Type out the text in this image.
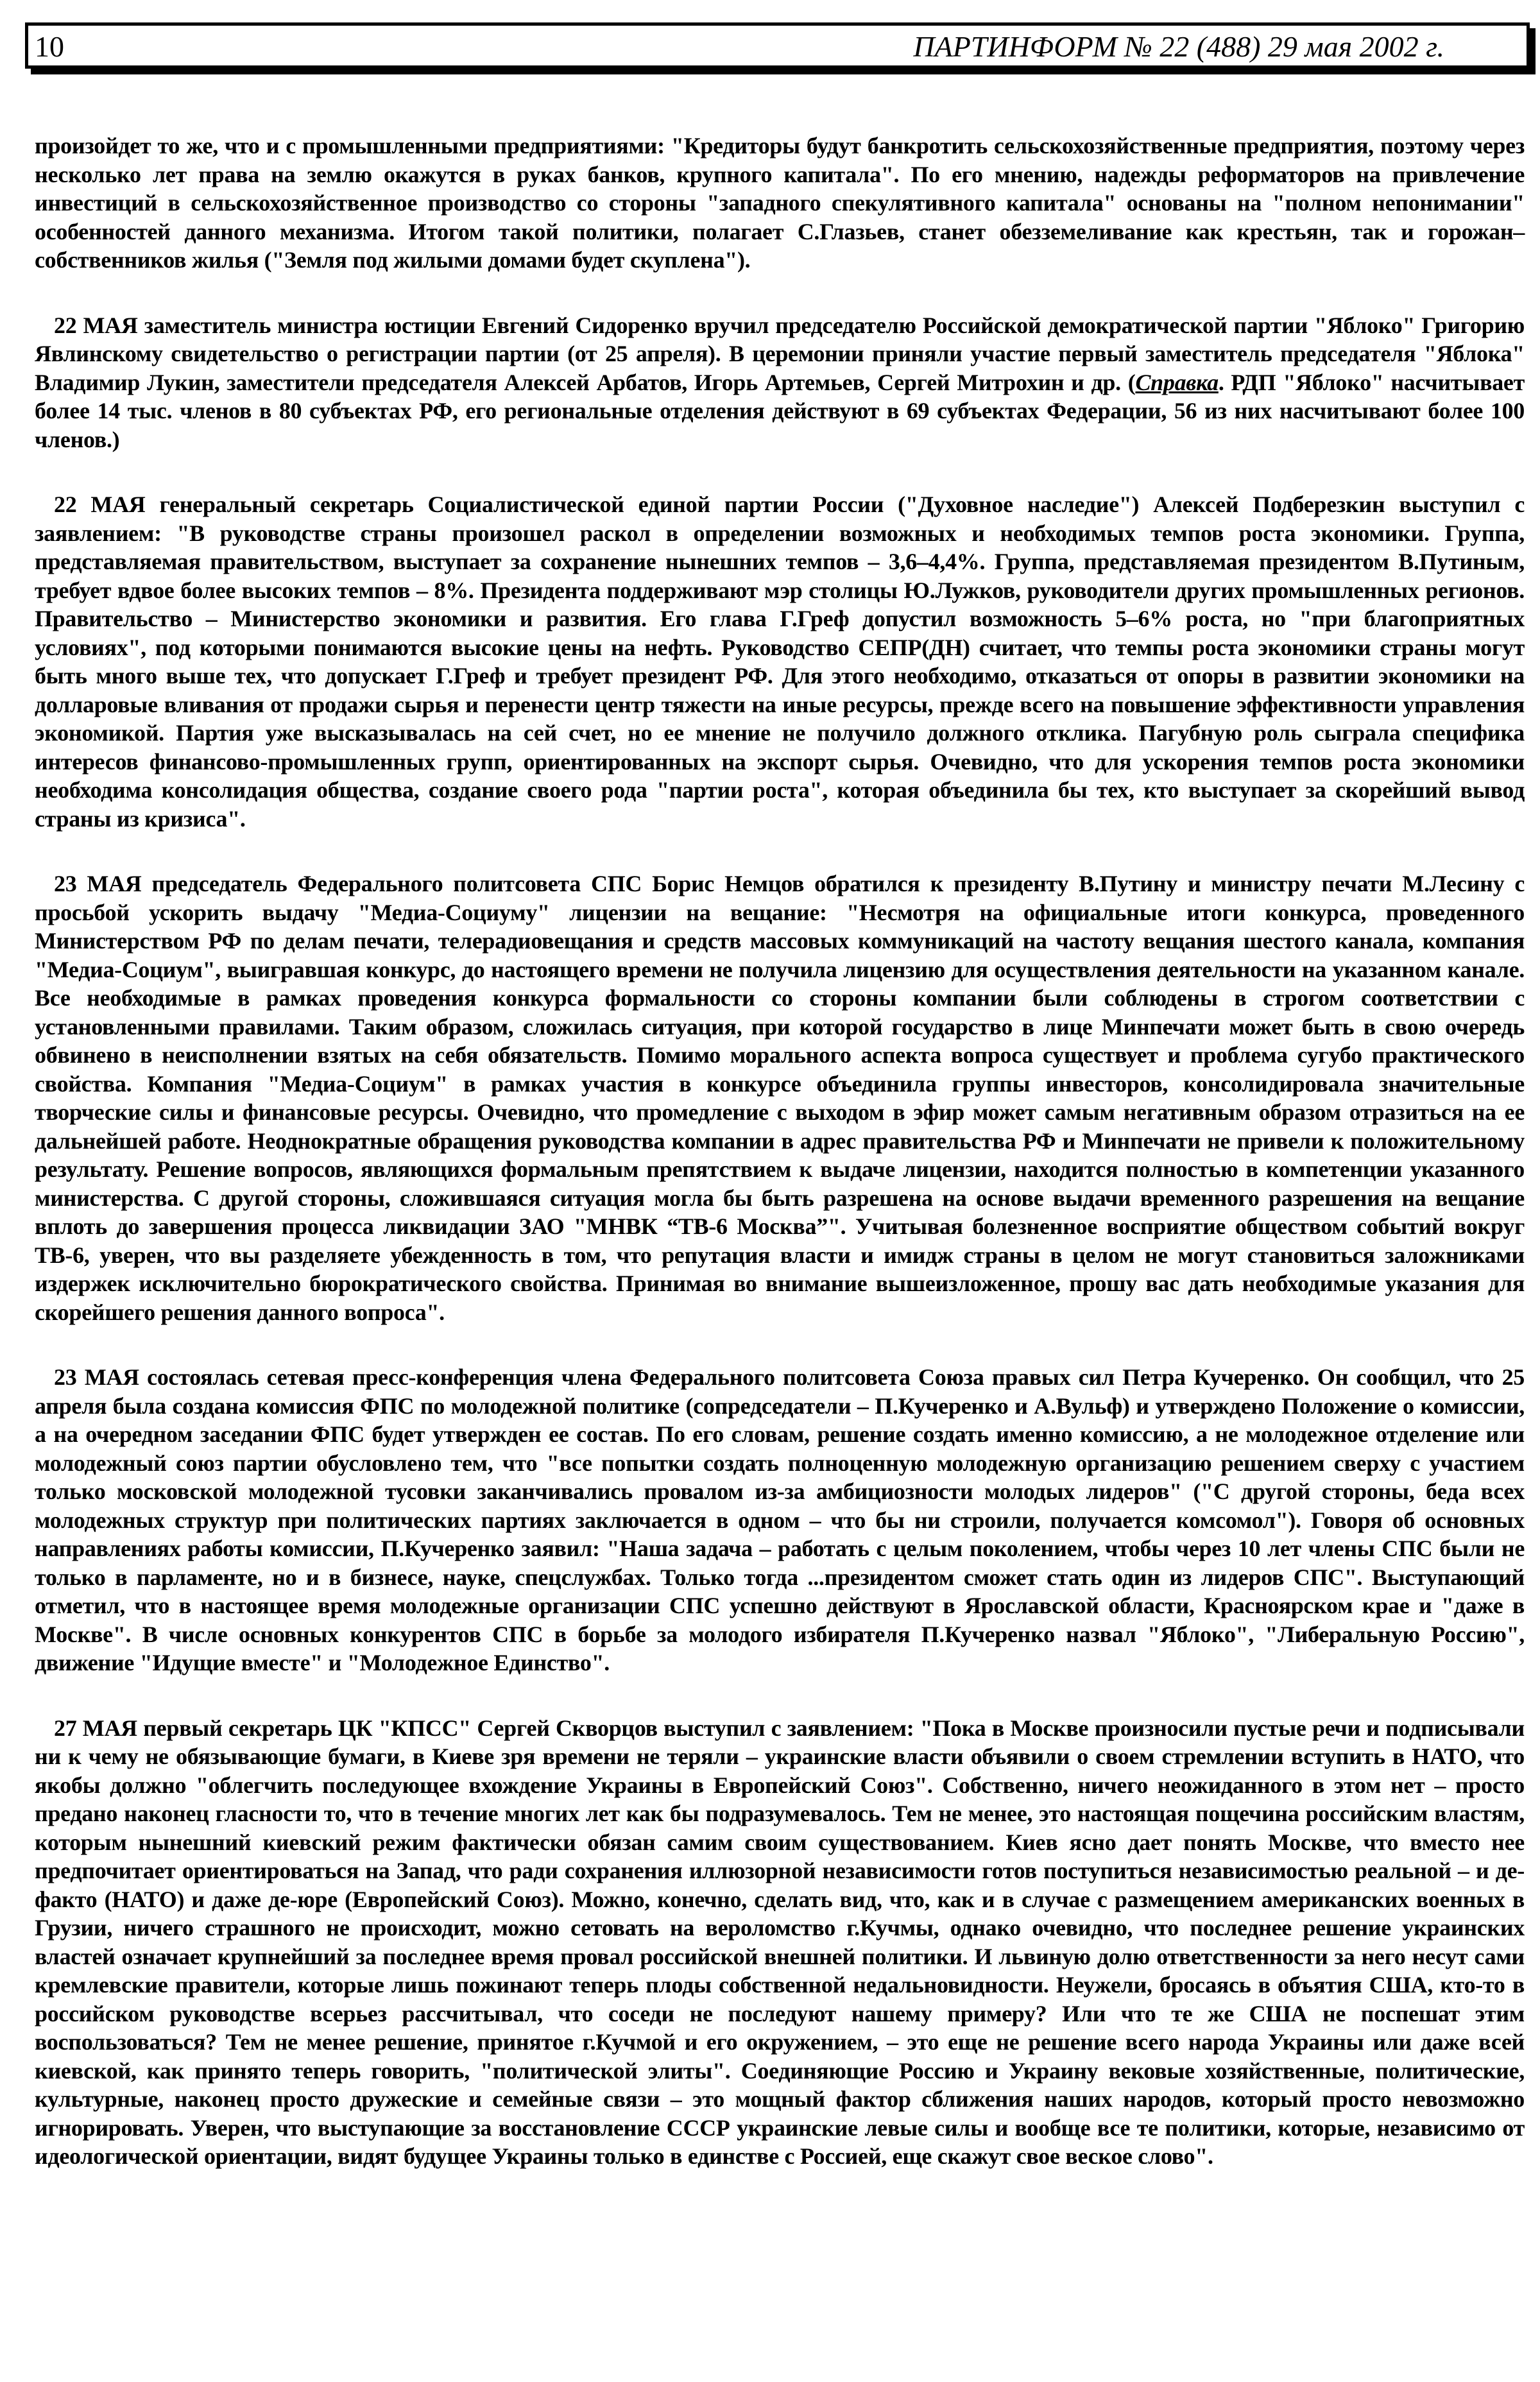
10	ПАРТИНФОРМ № 22 (488) 29 мая 2002 г.

произойдет то же, что и с промышленными предприятиями: "Кредиторы будут банкротить сельскохозяйственные предприятия, поэтому через несколько лет права на землю окажутся в руках банков, крупного капитала". По его мнению, надежды реформаторов на привлечение инвестиций в сельскохозяйственное производство со стороны "западного спекулятивного капитала" основаны на "полном непонимании" особенностей данного механизма. Итогом такой политики, полагает С.Глазьев, станет обезземеливание как крестьян, так и горожан–собственников жилья ("Земля под жилыми домами будет скуплена").

22 МАЯ заместитель министра юстиции Евгений Сидоренко вручил председателю Российской демократической партии "Яблоко" Григорию Явлинскому свидетельство о регистрации партии (от 25 апреля). В церемонии приняли участие первый заместитель председателя "Яблока" Владимир Лукин, заместители председателя Алексей Арбатов, Игорь Артемьев, Сергей Митрохин и др. (Справка. РДП "Яблоко" насчитывает более 14 тыс. членов в 80 субъектах РФ, его региональные отделения действуют в 69 субъектах Федерации, 56 из них насчитывают более 100 членов.)

22 МАЯ генеральный секретарь Социалистической единой партии России ("Духовное наследие") Алексей Подберезкин выступил с заявлением: "В руководстве страны произошел раскол в определении возможных и необходимых темпов роста экономики. Группа, представляемая правительством, выступает за сохранение нынешних темпов – 3,6–4,4%. Группа, представляемая президентом В.Путиным, требует вдвое более высоких темпов – 8%. Президента поддерживают мэр столицы Ю.Лужков, руководители других промышленных регионов. Правительство – Министерство экономики и развития. Его глава Г.Греф допустил возможность 5–6% роста, но "при благоприятных условиях", под которыми понимаются высокие цены на нефть. Руководство СЕПР(ДН) считает, что темпы роста экономики страны могут быть много выше тех, что допускает Г.Греф и требует президент РФ. Для этого необходимо, отказаться от опоры в развитии экономики на долларовые вливания от продажи сырья и перенести центр тяжести на иные ресурсы, прежде всего на повышение эффективности управления экономикой. Партия уже высказывалась на сей счет, но ее мнение не получило должного отклика. Пагубную роль сыграла специфика интересов финансово-промышленных групп, ориентированных на экспорт сырья. Очевидно, что для ускорения темпов роста экономики необходима консолидация общества, создание своего рода "партии роста", которая объединила бы тех, кто выступает за скорейший вывод страны из кризиса".

23 МАЯ председатель Федерального политсовета СПС Борис Немцов обратился к президенту В.Путину и министру печати М.Лесину с просьбой ускорить выдачу "Медиа-Социуму" лицензии на вещание: "Несмотря на официальные итоги конкурса, проведенного Министерством РФ по делам печати, телерадиовещания и средств массовых коммуникаций на частоту вещания шестого канала, компания "Медиа-Социум", выигравшая конкурс, до настоящего времени не получила лицензию для осуществления деятельности на указанном канале. Все необходимые в рамках проведения конкурса формальности со стороны компании были соблюдены в строгом соответствии с установленными правилами. Таким образом, сложилась ситуация, при которой государство в лице Минпечати может быть в свою очередь обвинено в неисполнении взятых на себя обязательств. Помимо морального аспекта вопроса существует и проблема сугубо практического свойства. Компания "Медиа-Социум" в рамках участия в конкурсе объединила группы инвесторов, консолидировала значительные творческие силы и финансовые ресурсы. Очевидно, что промедление с выходом в эфир может самым негативным образом отразиться на ее дальнейшей работе. Неоднократные обращения руководства компании в адрес правительства РФ и Минпечати не привели к положительному результату. Решение вопросов, являющихся формальным препятствием к выдаче лицензии, находится полностью в компетенции указанного министерства. С другой стороны, сложившаяся ситуация могла бы быть разрешена на основе выдачи временного разрешения на вещание вплоть до завершения процесса ликвидации ЗАО "МНВК “ТВ-6 Москва”". Учитывая болезненное восприятие обществом событий вокруг ТВ-6, уверен, что вы разделяете убежденность в том, что репутация власти и имидж страны в целом не могут становиться заложниками издержек исключительно бюрократического свойства. Принимая во внимание вышеизложенное, прошу вас дать необходимые указания для скорейшего решения данного вопроса".

23 МАЯ состоялась сетевая пресс-конференция члена Федерального политсовета Союза правых сил Петра Кучеренко. Он сообщил, что 25 апреля была создана комиссия ФПС по молодежной политике (сопредседатели – П.Кучеренко и А.Вульф) и утверждено Положение о комиссии, а на очередном заседании ФПС будет утвержден ее состав. По его словам, решение создать именно комиссию, а не молодежное отделение или молодежный союз партии обусловлено тем, что "все попытки создать полноценную молодежную организацию решением сверху с участием только московской молодежной тусовки заканчивались провалом из-за амбициозности молодых лидеров" ("С другой стороны, беда всех молодежных структур при политических партиях заключается в одном – что бы ни строили, получается комсомол"). Говоря об основных направлениях работы комиссии, П.Кучеренко заявил: "Наша задача – работать с целым поколением, чтобы через 10 лет члены СПС были не только в парламенте, но и в бизнесе, науке, спецслужбах. Только тогда ...президентом сможет стать один из лидеров СПС". Выступающий отметил, что в настоящее время молодежные организации СПС успешно действуют в Ярославской области, Красноярском крае и "даже в Москве". В числе основных конкурентов СПС в борьбе за молодого избирателя П.Кучеренко назвал "Яблоко", "Либеральную Россию", движение "Идущие вместе" и "Молодежное Единство".

27 МАЯ первый секретарь ЦК "КПСС" Сергей Скворцов выступил с заявлением: "Пока в Москве произносили пустые речи и подписывали ни к чему не обязывающие бумаги, в Киеве зря времени не теряли – украинские власти объявили о своем стремлении вступить в НАТО, что якобы должно "облегчить последующее вхождение Украины в Европейский Союз". Собственно, ничего неожиданного в этом нет – просто предано наконец гласности то, что в течение многих лет как бы подразумевалось. Тем не менее, это настоящая пощечина российским властям, которым нынешний киевский режим фактически обязан самим своим существованием. Киев ясно дает понять Москве, что вместо нее предпочитает ориентироваться на Запад, что ради сохранения иллюзорной независимости готов поступиться независимостью реальной – и де-факто (НАТО) и даже де-юре (Европейский Союз). Можно, конечно, сделать вид, что, как и в случае с размещением американских военных в Грузии, ничего страшного не происходит, можно сетовать на вероломство г.Кучмы, однако очевидно, что последнее решение украинских властей означает крупнейший за последнее время провал российской внешней политики. И львиную долю ответственности за него несут сами кремлевские правители, которые лишь пожинают теперь плоды собственной недальновидности. Неужели, бросаясь в объятия США, кто-то в российском руководстве всерьез рассчитывал, что соседи не последуют нашему примеру? Или что те же США не поспешат этим воспользоваться? Тем не менее решение, принятое г.Кучмой и его окружением, – это еще не решение всего народа Украины или даже всей киевской, как принято теперь говорить, "политической элиты". Соединяющие Россию и Украину вековые хозяйственные, политические, культурные, наконец просто дружеские и семейные связи – это мощный фактор сближения наших народов, который просто невозможно игнорировать. Уверен, что выступающие за восстановление СССР украинские левые силы и вообще все те политики, которые, независимо от идеологической ориентации, видят будущее Украины только в единстве с Россией, еще скажут свое веское слово".
